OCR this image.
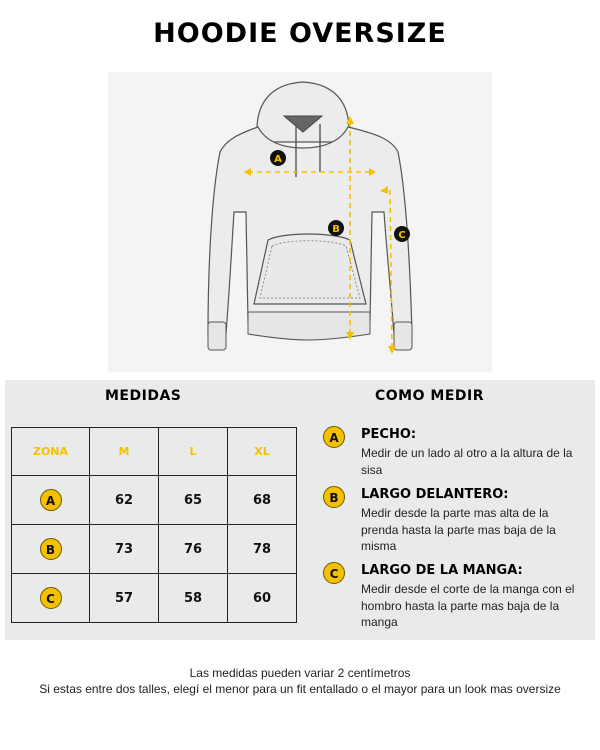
HOODIE OVERSIZE
A
B
C
MEDIDAS	COMO MEDIR
ZONA	M	L	XL
A	62	65	68
B	73	76	78
C	57	58	60
A	PECHO:
Medir de un lado al otro a la altura de la sisa
B	LARGO DELANTERO:
Medir desde la parte mas alta de la prenda hasta la parte mas baja de la misma
C	LARGO DE LA MANGA:
Medir desde el corte de la manga con el hombro hasta la parte mas baja de la manga
Las medidas pueden variar 2 centímetros
Si estas entre dos talles, elegí el menor para un fit entallado o el mayor para un look mas oversize
